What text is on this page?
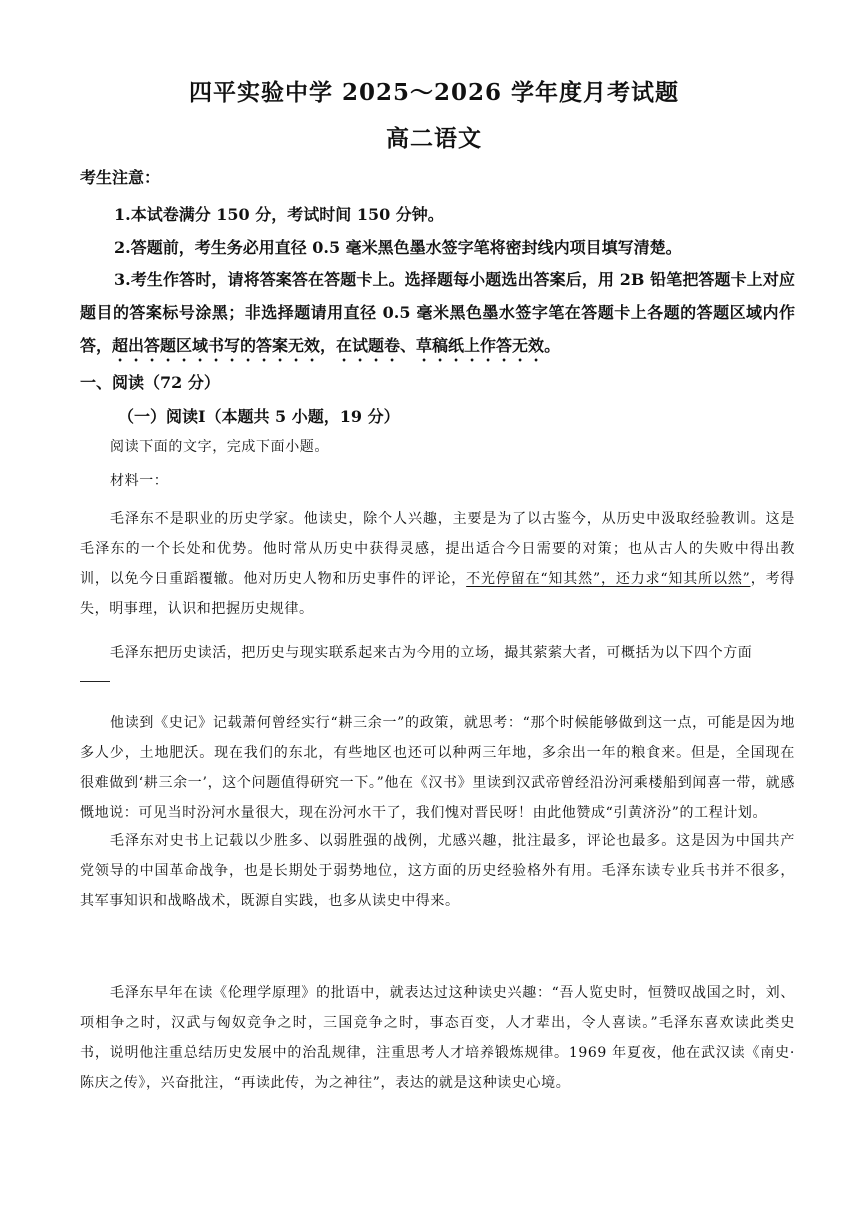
四平实验中学 2025～2026 学年度月考试题
高二语文
考生注意：
1.本试卷满分 150 分，考试时间 150 分钟。
2.答题前，考生务必用直径 0.5 毫米黑色墨水签字笔将密封线内项目填写清楚。
3.考生作答时，请将答案答在答题卡上。选择题每小题选出答案后，用 2B 铅笔把答题卡上对应题目的答案标号涂黑；非选择题请用直径 0.5 毫米黑色墨水签字笔在答题卡上各题的答题区域内作答，超出答题区域书写的答案无效，在试题卷、草稿纸上作答无效。
一、阅读（72 分）
（一）阅读Ⅰ（本题共 5 小题，19 分）
阅读下面的文字，完成下面小题。
材料一：
毛泽东不是职业的历史学家。他读史，除个人兴趣，主要是为了以古鉴今，从历史中汲取经验教训。这是毛泽东的一个长处和优势。他时常从历史中获得灵感，提出适合今日需要的对策；也从古人的失败中得出教训，以免今日重蹈覆辙。他对历史人物和历史事件的评论，不光停留在“知其然”，还力求“知其所以然”，考得失，明事理，认识和把握历史规律。
毛泽东把历史读活，把历史与现实联系起来古为今用的立场，撮其萦萦大者，可概括为以下四个方面
他读到《史记》记载萧何曾经实行“耕三余一”的政策，就思考：“那个时候能够做到这一点，可能是因为地多人少，土地肥沃。现在我们的东北，有些地区也还可以种两三年地，多余出一年的粮食来。但是，全国现在很难做到‘耕三余一’，这个问题值得研究一下。”他在《汉书》里读到汉武帝曾经沿汾河乘楼船到闻喜一带，就感慨地说：可见当时汾河水量很大，现在汾河水干了，我们愧对晋民呀！由此他赞成“引黄济汾”的工程计划。
毛泽东对史书上记载以少胜多、以弱胜强的战例，尤感兴趣，批注最多，评论也最多。这是因为中国共产党领导的中国革命战争，也是长期处于弱势地位，这方面的历史经验格外有用。毛泽东读专业兵书并不很多，其军事知识和战略战术，既源自实践，也多从读史中得来。
毛泽东早年在读《伦理学原理》的批语中，就表达过这种读史兴趣：“吾人览史时，恒赞叹战国之时，刘、项相争之时，汉武与匈奴竞争之时，三国竞争之时，事态百变，人才辈出，令人喜读。”毛泽东喜欢读此类史书，说明他注重总结历史发展中的治乱规律，注重思考人才培养锻炼规律。1969 年夏夜，他在武汉读《南史·陈庆之传》，兴奋批注，“再读此传，为之神往”，表达的就是这种读史心境。
